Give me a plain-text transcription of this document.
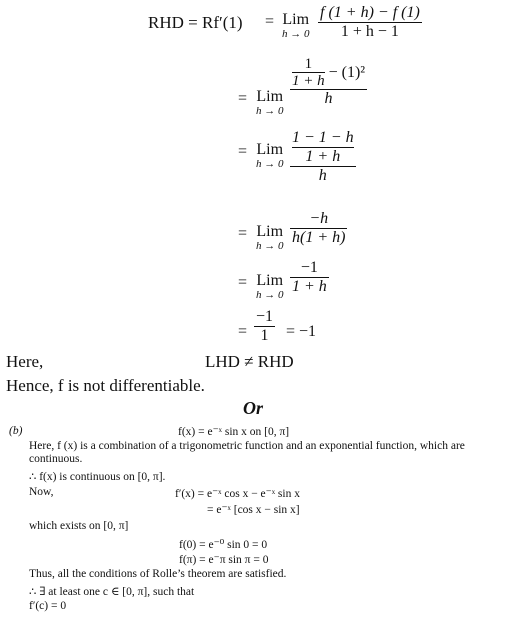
RHD = Rf′(1) = Lim
h → 0
f (1 + h) − f (1)
1 + h − 1
= Lim
h → 0
1
1 + h
− (1)²
h
= Lim
h → 0
1 − 1 − h
1 + h
h
= Lim
h → 0
−h
h(1 + h)
= Lim
h → 0
−1
1 + h
=
−1
1 = −1
Here,	LHD ≠ RHD
Hence, f is not differentiable.
Or
(b)	f(x) = e⁻ˣ sin x on [0, π]
Here, f (x) is a combination of a trigonometric function and an exponential function, which are
continuous.
∴ f(x) is continuous on [0, π].
Now,	f′(x) = e⁻ˣ cos x − e⁻ˣ sin x
= e⁻ˣ [cos x − sin x]
which exists on [0, π]
f(0) = e⁻⁰ sin 0 = 0
f(π) = e⁻π sin π = 0
Thus, all the conditions of Rolle’s theorem are satisfied.
∴ ∃ at least one c ∈ [0, π], such that
f′(c) = 0
